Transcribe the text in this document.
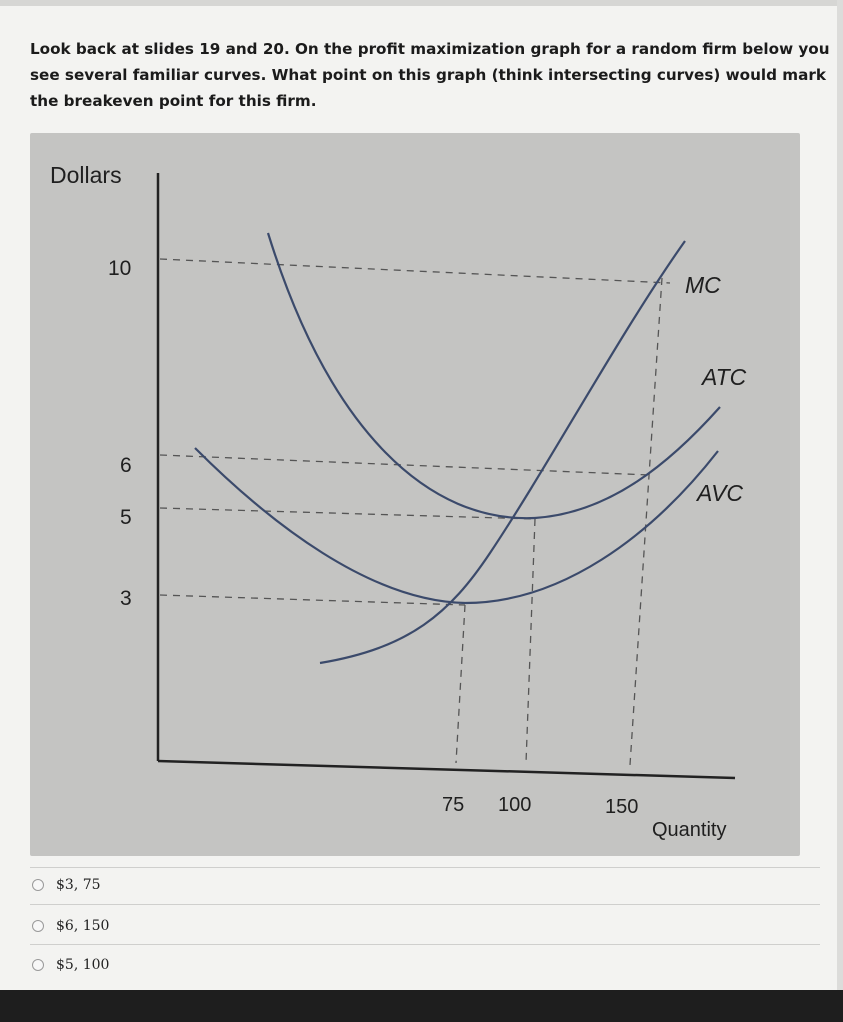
Look back at slides 19 and 20. On the profit maximization graph for a random firm below you see several familiar curves. What point on this graph (think intersecting curves) would mark the breakeven point for this firm.
Dollars
10
6
5
3
MC
ATC
AVC
75 100	150
Quantity
$3, 75
$6, 150
$5, 100
